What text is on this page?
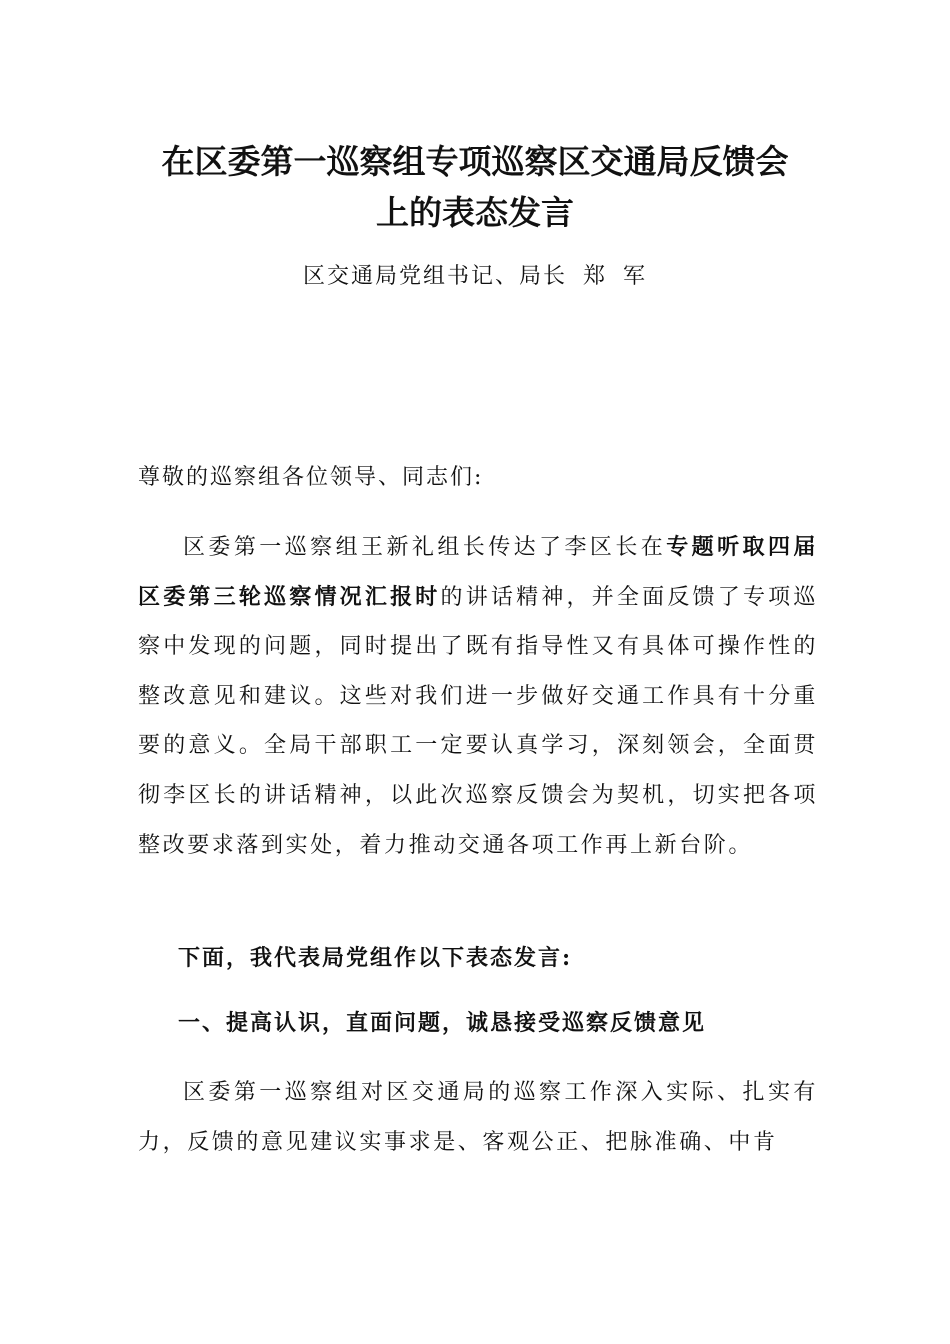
在区委第一巡察组专项巡察区交通局反馈会
上的表态发言
区交通局党组书记、局长 郑 军
尊敬的巡察组各位领导、同志们:

区委第一巡察组王新礼组长传达了李区长在专题听取四届区委第三轮巡察情况汇报时的讲话精神，并全面反馈了专项巡察中发现的问题，同时提出了既有指导性又有具体可操作性的整改意见和建议。这些对我们进一步做好交通工作具有十分重要的意义。全局干部职工一定要认真学习，深刻领会，全面贯彻李区长的讲话精神，以此次巡察反馈会为契机，切实把各项整改要求落到实处，着力推动交通各项工作再上新台阶。

下面，我代表局党组作以下表态发言:
一、提高认识，直面问题，诚恳接受巡察反馈意见

区委第一巡察组对区交通局的巡察工作深入实际、扎实有力，反馈的意见建议实事求是、客观公正、把脉准确、中肯
